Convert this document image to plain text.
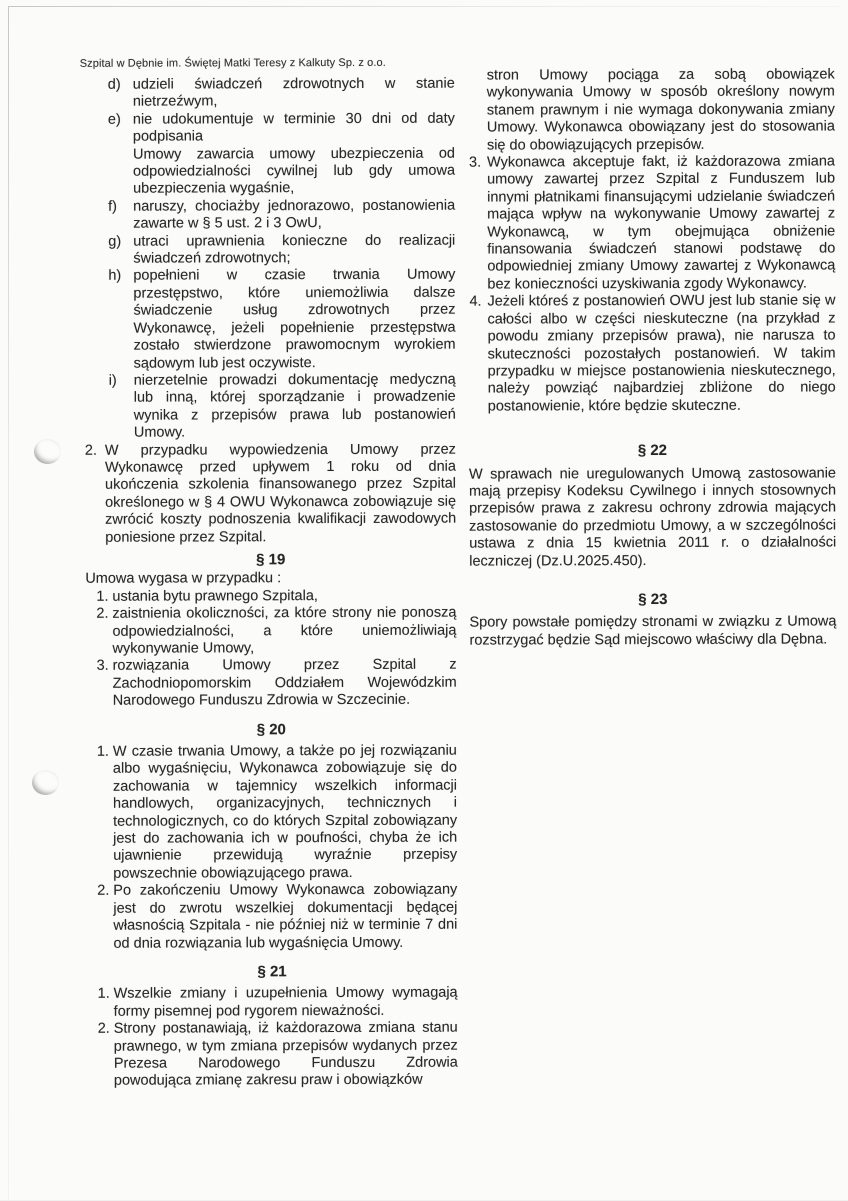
Szpital w Dębnie im. Świętej Matki Teresy z Kalkuty Sp. z o.o.
d) udzieli świadczeń zdrowotnych w stanie nietrzeźwym,
e) nie udokumentuje w terminie 30 dni od daty podpisania
Umowy zawarcia umowy ubezpieczenia od odpowiedzialności cywilnej lub gdy umowa ubezpieczenia wygaśnie,
f) naruszy, chociażby jednorazowo, postanowienia zawarte w § 5 ust. 2 i 3 OwU,
g) utraci uprawnienia konieczne do realizacji świadczeń zdrowotnych;
h) popełnieni w czasie trwania Umowy przestępstwo, które uniemożliwia dalsze świadczenie usług zdrowotnych przez Wykonawcę, jeżeli popełnienie przestępstwa zostało stwierdzone prawomocnym wyrokiem sądowym lub jest oczywiste.
i) nierzetelnie prowadzi dokumentację medyczną lub inną, której sporządzanie i prowadzenie wynika z przepisów prawa lub postanowień Umowy.
2. W przypadku wypowiedzenia Umowy przez Wykonawcę przed upływem 1 roku od dnia ukończenia szkolenia finansowanego przez Szpital określonego w § 4 OWU Wykonawca zobowiązuje się zwrócić koszty podnoszenia kwalifikacji zawodowych poniesione przez Szpital.
§ 19
Umowa wygasa w przypadku :
1. ustania bytu prawnego Szpitala,
2. zaistnienia okoliczności, za które strony nie ponoszą odpowiedzialności, a które uniemożliwiają wykonywanie Umowy,
3. rozwiązania Umowy przez Szpital z Zachodniopomorskim Oddziałem Wojewódzkim Narodowego Funduszu Zdrowia w Szczecinie.
§ 20
1. W czasie trwania Umowy, a także po jej rozwiązaniu albo wygaśnięciu, Wykonawca zobowiązuje się do zachowania w tajemnicy wszelkich informacji handlowych, organizacyjnych, technicznych i technologicznych, co do których Szpital zobowiązany jest do zachowania ich w poufności, chyba że ich ujawnienie przewidują wyraźnie przepisy powszechnie obowiązującego prawa.
2. Po zakończeniu Umowy Wykonawca zobowiązany jest do zwrotu wszelkiej dokumentacji będącej własnością Szpitala - nie później niż w terminie 7 dni od dnia rozwiązania lub wygaśnięcia Umowy.
§ 21
1. Wszelkie zmiany i uzupełnienia Umowy wymagają formy pisemnej pod rygorem nieważności.
2. Strony postanawiają, iż każdorazowa zmiana stanu prawnego, w tym zmiana przepisów wydanych przez Prezesa Narodowego Funduszu Zdrowia powodująca zmianę zakresu praw i obowiązków
stron Umowy pociąga za sobą obowiązek wykonywania Umowy w sposób określony nowym stanem prawnym i nie wymaga dokonywania zmiany Umowy. Wykonawca obowiązany jest do stosowania się do obowiązujących przepisów.
3. Wykonawca akceptuje fakt, iż każdorazowa zmiana umowy zawartej przez Szpital z Funduszem lub innymi płatnikami finansującymi udzielanie świadczeń mająca wpływ na wykonywanie Umowy zawartej z Wykonawcą, w tym obejmująca obniżenie finansowania świadczeń stanowi podstawę do odpowiedniej zmiany Umowy zawartej z Wykonawcą bez konieczności uzyskiwania zgody Wykonawcy.
4. Jeżeli któreś z postanowień OWU jest lub stanie się w całości albo w części nieskuteczne (na przykład z powodu zmiany przepisów prawa), nie narusza to skuteczności pozostałych postanowień. W takim przypadku w miejsce postanowienia nieskutecznego, należy powziąć najbardziej zbliżone do niego postanowienie, które będzie skuteczne.
§ 22
W sprawach nie uregulowanych Umową zastosowanie mają przepisy Kodeksu Cywilnego i innych stosownych przepisów prawa z zakresu ochrony zdrowia mających zastosowanie do przedmiotu Umowy, a w szczególności ustawa z dnia 15 kwietnia 2011 r. o działalności leczniczej (Dz.U.2025.450).
§ 23
Spory powstałe pomiędzy stronami w związku z Umową rozstrzygać będzie Sąd miejscowo właściwy dla Dębna.
